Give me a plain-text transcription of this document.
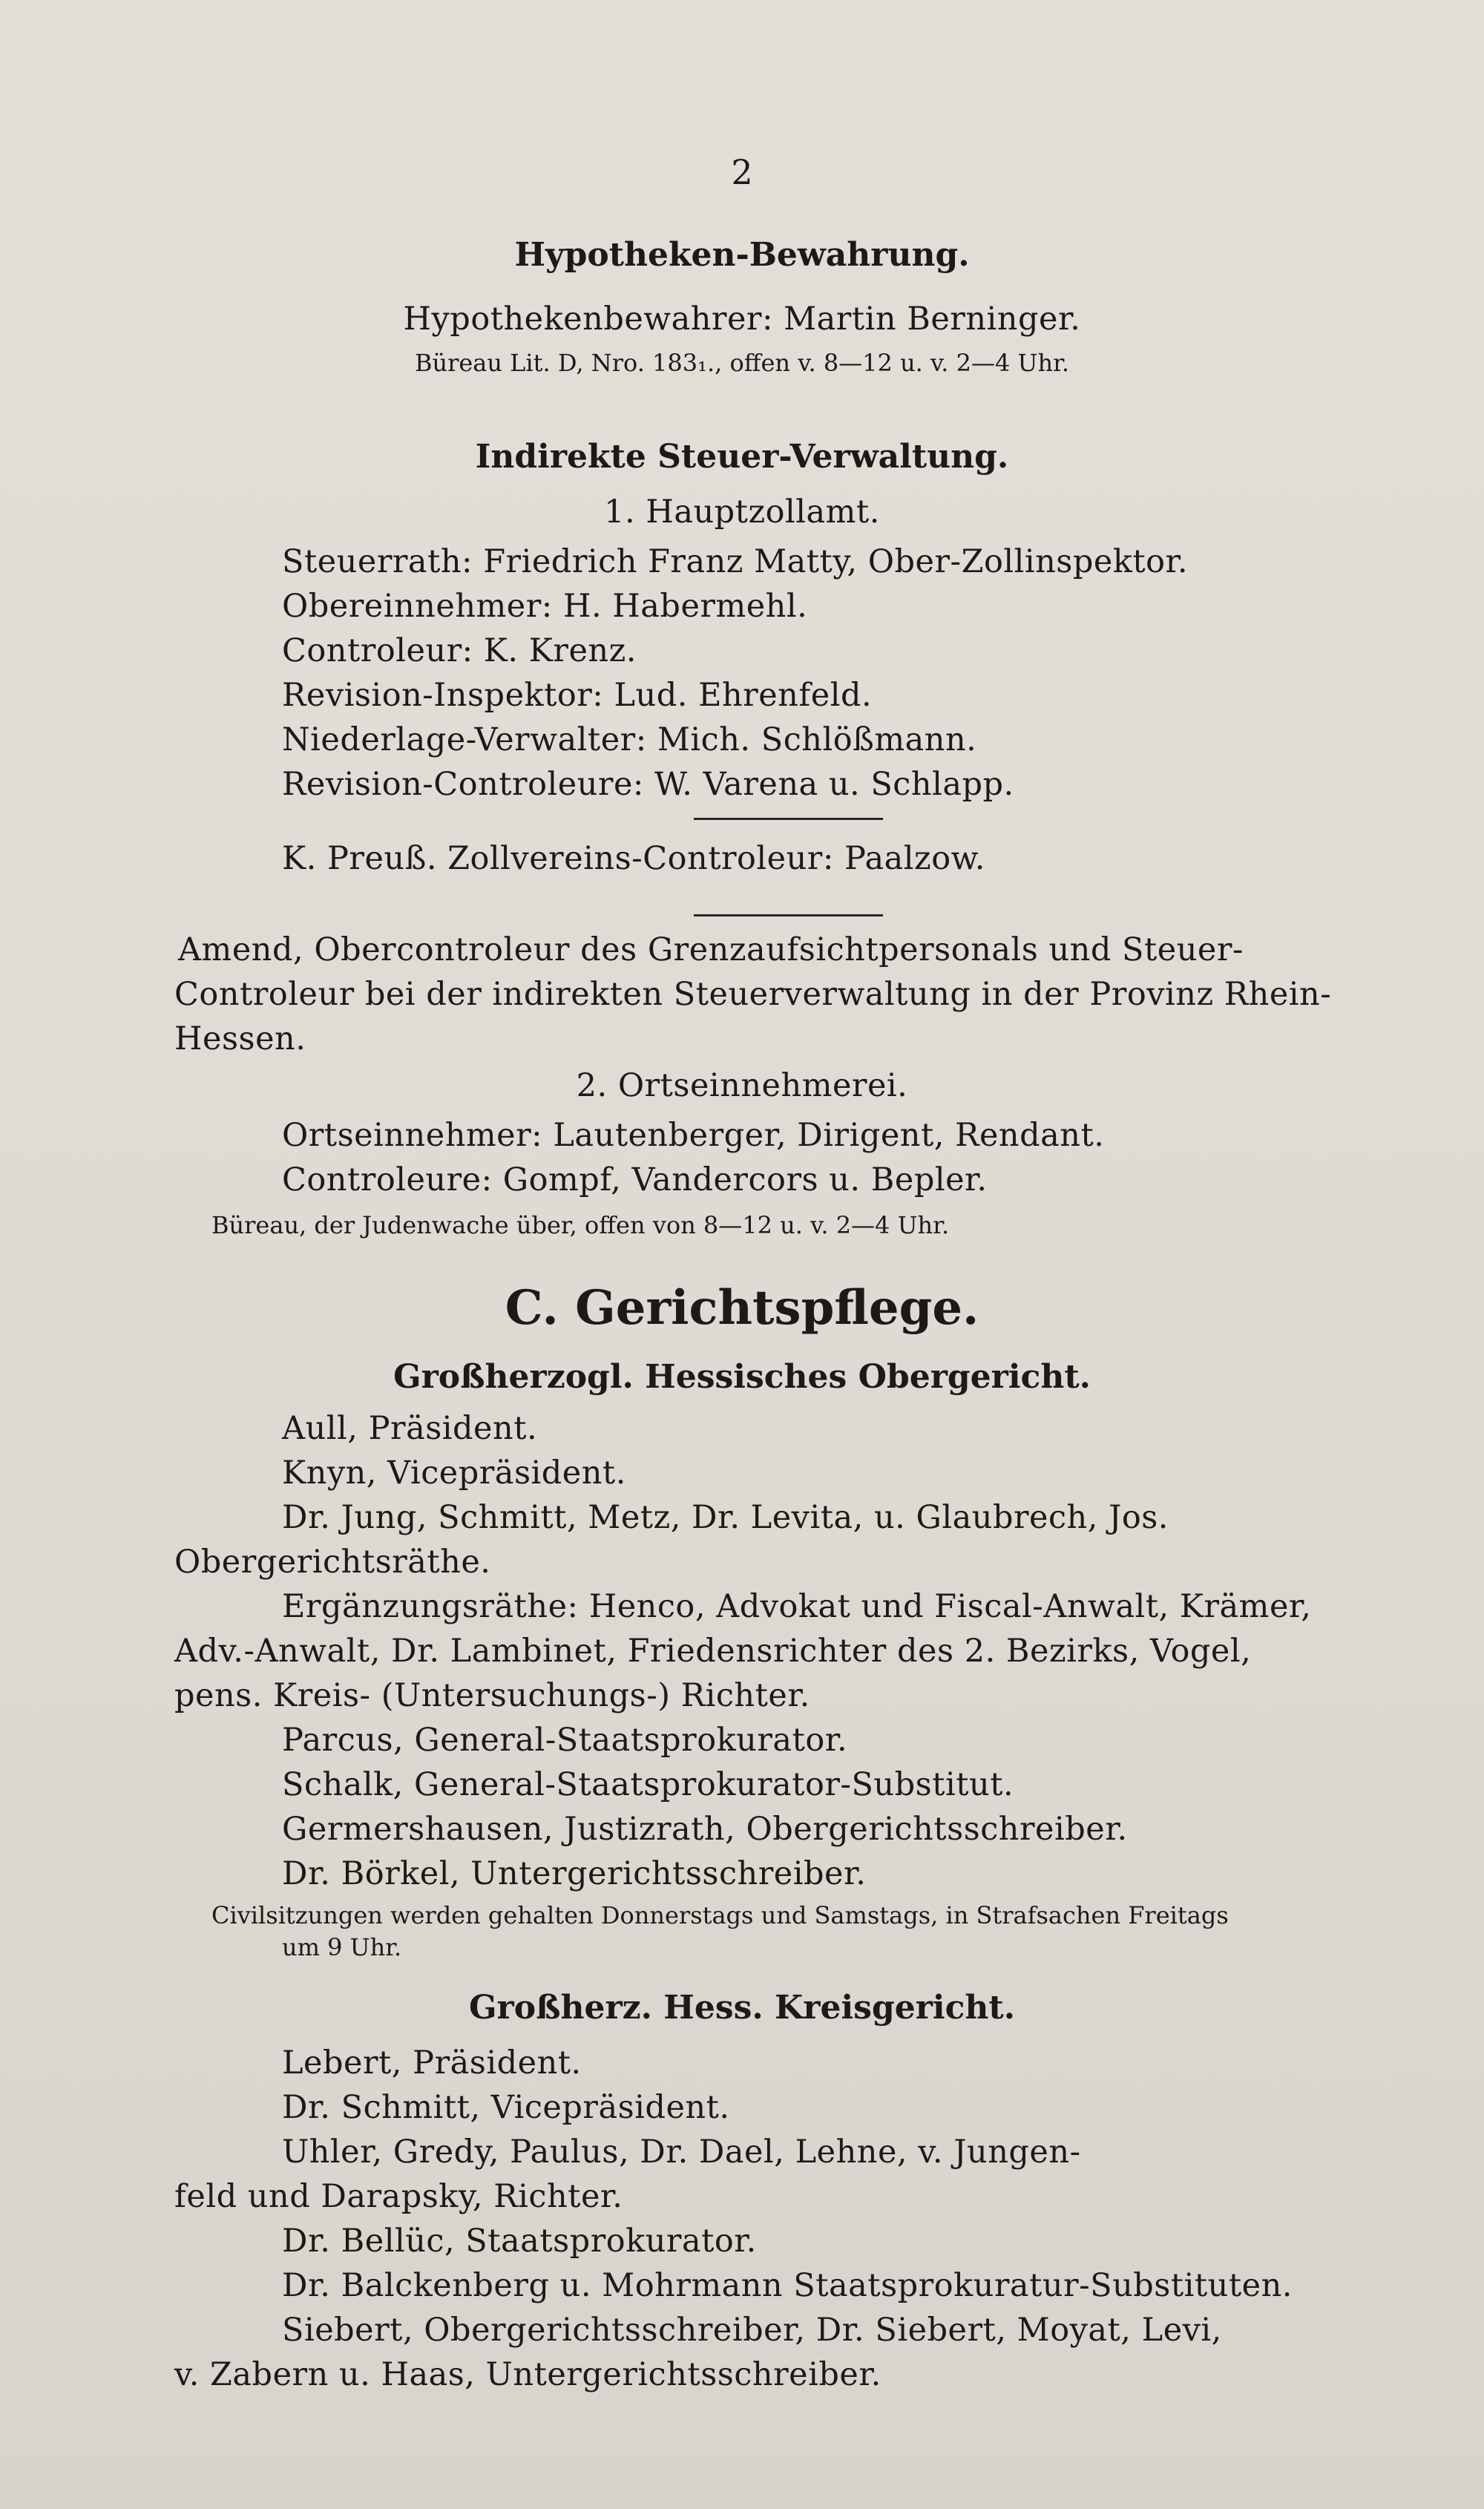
2
Hypotheken-Bewahrung.
Hypothekenbewahrer: Martin Berninger.
Büreau Lit. D, Nro. 183₁., offen v. 8—12 u. v. 2—4 Uhr.
Indirekte Steuer-Verwaltung.
1. Hauptzollamt.
Steuerrath: Friedrich Franz Matty, Ober-Zollinspektor.
Obereinnehmer: H. Habermehl.
Controleur: K. Krenz.
Revision-Inspektor: Lud. Ehrenfeld.
Niederlage-Verwalter: Mich. Schlößmann.
Revision-Controleure: W. Varena u. Schlapp.
K. Preuß. Zollvereins-Controleur: Paalzow.
Amend, Obercontroleur des Grenzaufsichtpersonals und Steuer-
Controleur bei der indirekten Steuerverwaltung in der Provinz Rhein-
Hessen.
2. Ortseinnehmerei.
Ortseinnehmer: Lautenberger, Dirigent, Rendant.
Controleure: Gompf, Vandercors u. Bepler.
Büreau, der Judenwache über, offen von 8—12 u. v. 2—4 Uhr.
C. Gerichtspflege.
Großherzogl. Hessisches Obergericht.
Aull, Präsident.
Knyn, Vicepräsident.
Dr. Jung, Schmitt, Metz, Dr. Levita, u. Glaubrech, Jos.
Obergerichtsräthe.
Ergänzungsräthe: Henco, Advokat und Fiscal-Anwalt, Krämer,
Adv.-Anwalt, Dr. Lambinet, Friedensrichter des 2. Bezirks, Vogel,
pens. Kreis- (Untersuchungs-) Richter.
Parcus, General-Staatsprokurator.
Schalk, General-Staatsprokurator-Substitut.
Germershausen, Justizrath, Obergerichtsschreiber.
Dr. Börkel, Untergerichtsschreiber.
Civilsitzungen werden gehalten Donnerstags und Samstags, in Strafsachen Freitags
um 9 Uhr.
Großherz. Hess. Kreisgericht.
Lebert, Präsident.
Dr. Schmitt, Vicepräsident.
Uhler, Gredy, Paulus, Dr. Dael, Lehne, v. Jungen-
feld und Darapsky, Richter.
Dr. Bellüc, Staatsprokurator.
Dr. Balckenberg u. Mohrmann Staatsprokuratur-Substituten.
Siebert, Obergerichtsschreiber, Dr. Siebert, Moyat, Levi,
v. Zabern u. Haas, Untergerichtsschreiber.
